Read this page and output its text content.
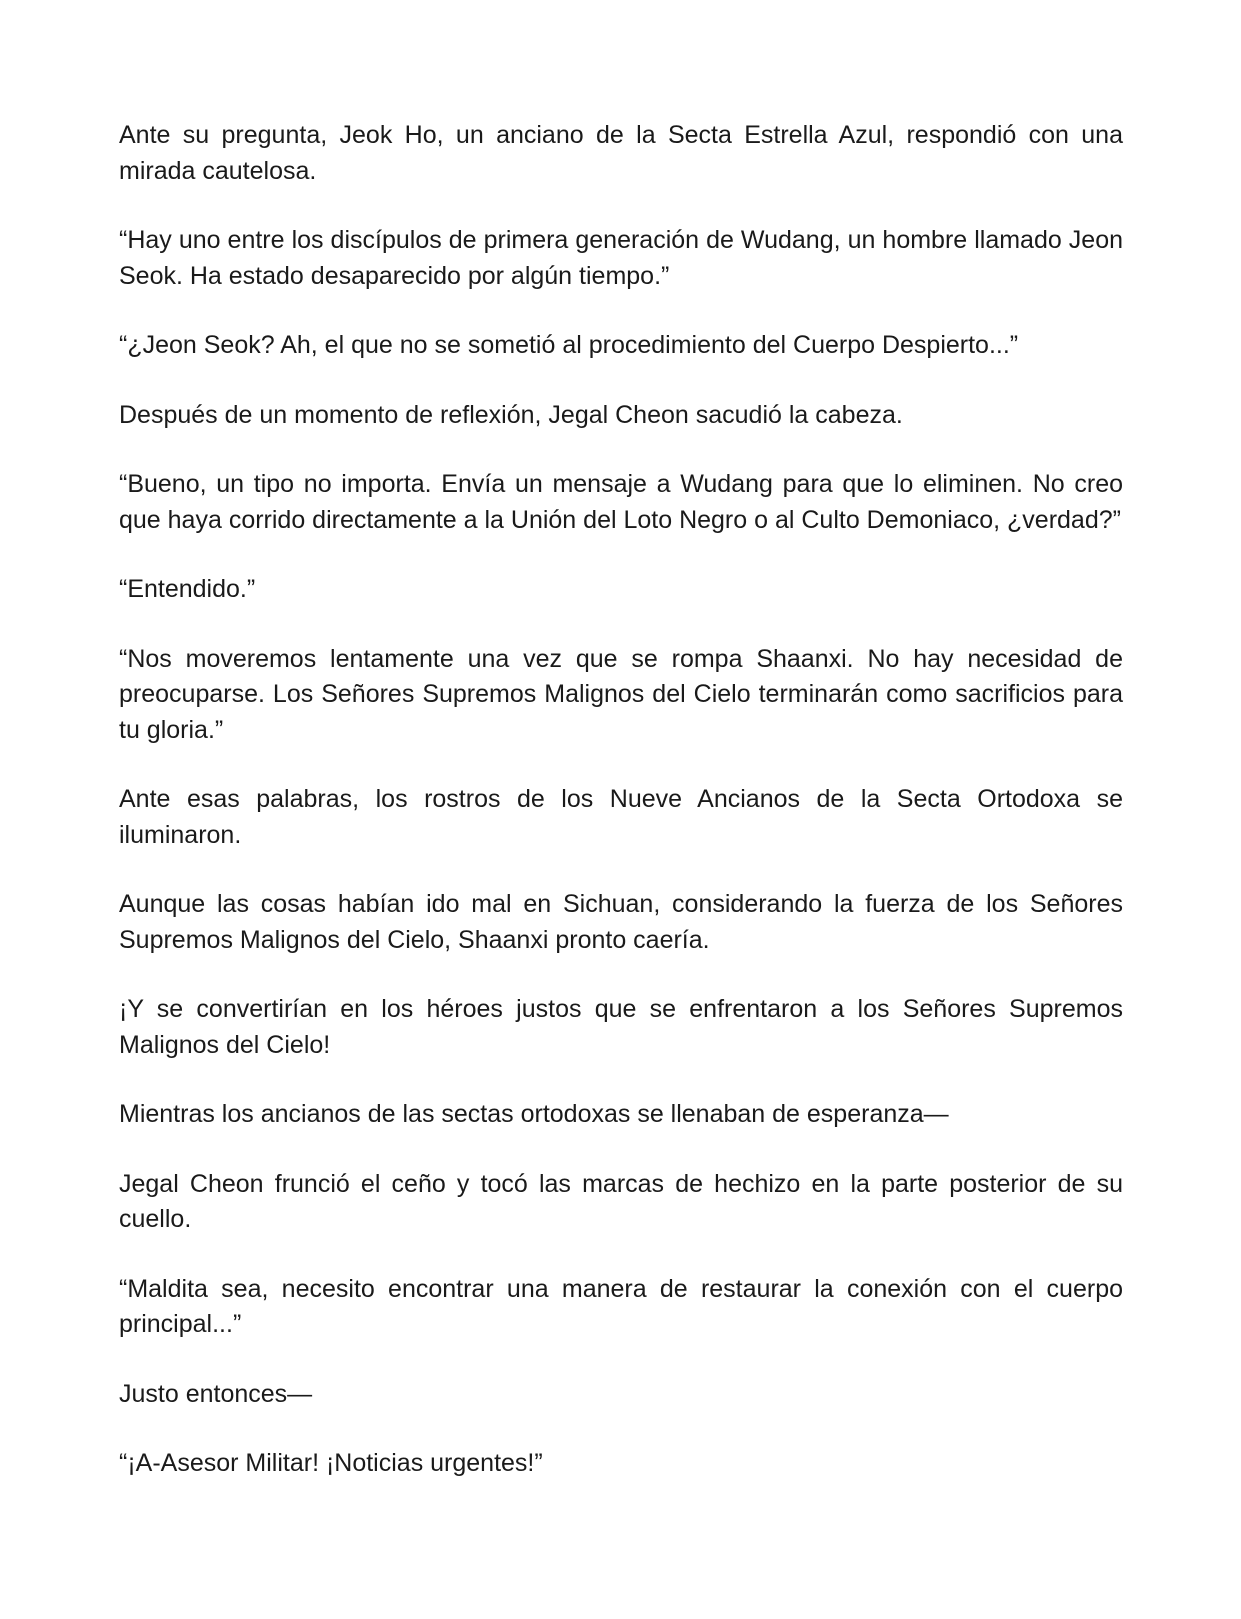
Ante su pregunta, Jeok Ho, un anciano de la Secta Estrella Azul, respondió con una mirada cautelosa.

“Hay uno entre los discípulos de primera generación de Wudang, un hombre llamado Jeon Seok. Ha estado desaparecido por algún tiempo.”

“¿Jeon Seok? Ah, el que no se sometió al procedimiento del Cuerpo Despierto...”

Después de un momento de reflexión, Jegal Cheon sacudió la cabeza.

“Bueno, un tipo no importa. Envía un mensaje a Wudang para que lo eliminen. No creo que haya corrido directamente a la Unión del Loto Negro o al Culto Demoniaco, ¿verdad?”

“Entendido.”

“Nos moveremos lentamente una vez que se rompa Shaanxi. No hay necesidad de preocuparse. Los Señores Supremos Malignos del Cielo terminarán como sacrificios para tu gloria.”

Ante esas palabras, los rostros de los Nueve Ancianos de la Secta Ortodoxa se iluminaron.

Aunque las cosas habían ido mal en Sichuan, considerando la fuerza de los Señores Supremos Malignos del Cielo, Shaanxi pronto caería.

¡Y se convertirían en los héroes justos que se enfrentaron a los Señores Supremos Malignos del Cielo!

Mientras los ancianos de las sectas ortodoxas se llenaban de esperanza—

Jegal Cheon frunció el ceño y tocó las marcas de hechizo en la parte posterior de su cuello.

“Maldita sea, necesito encontrar una manera de restaurar la conexión con el cuerpo principal...”

Justo entonces—

“¡A-Asesor Militar! ¡Noticias urgentes!”
